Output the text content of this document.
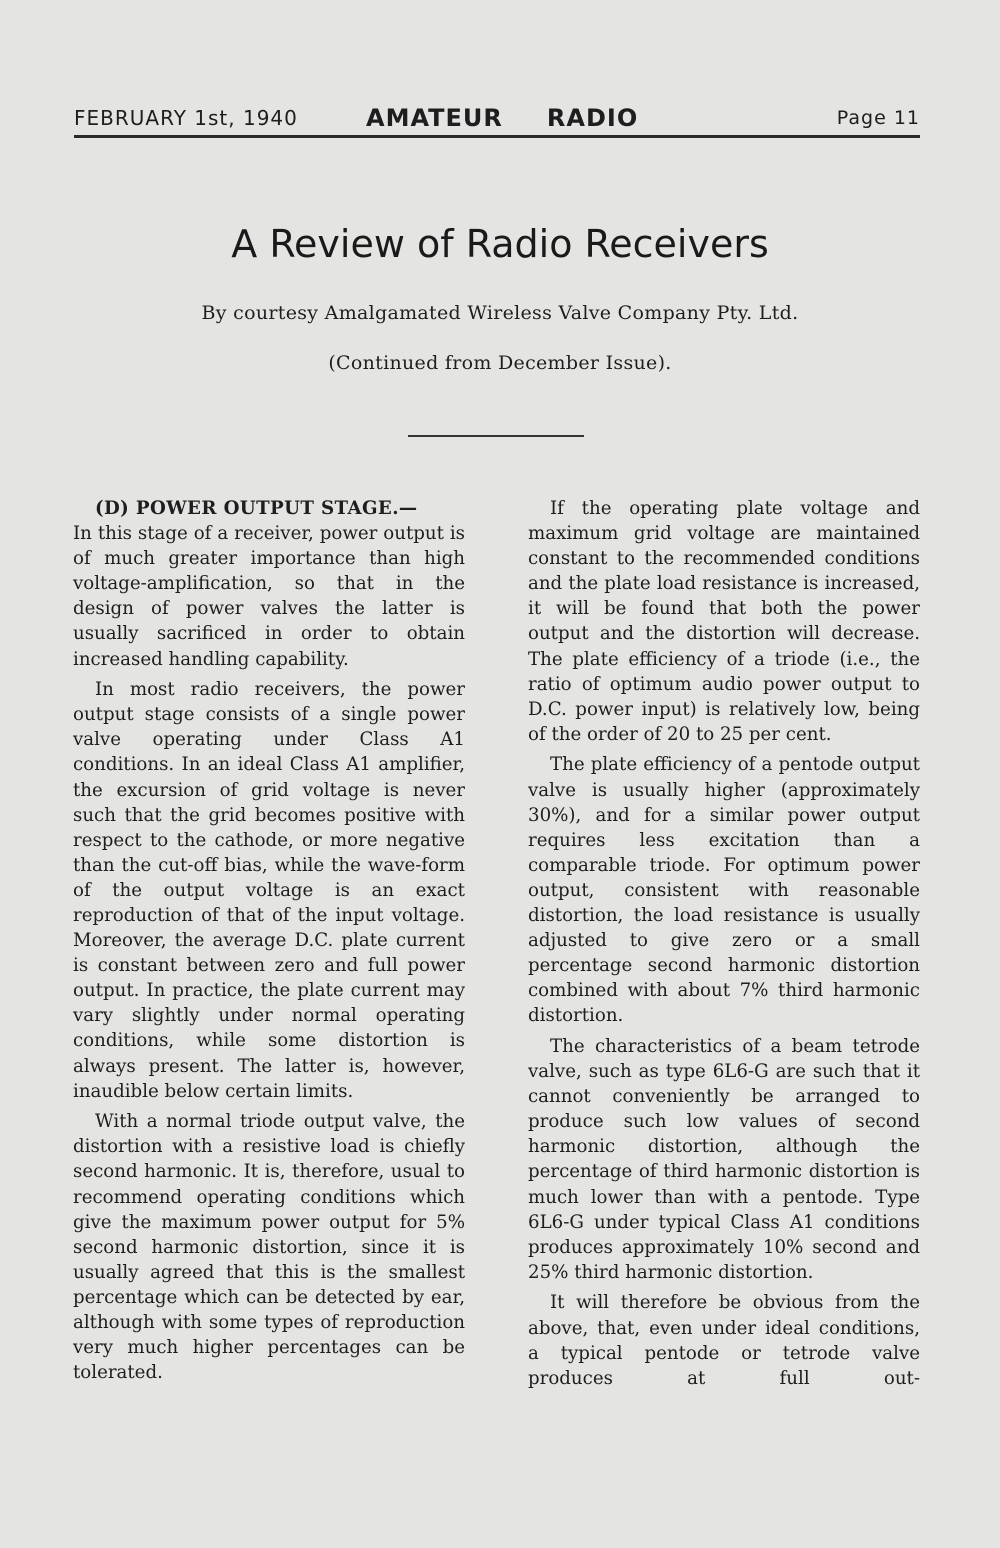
FEBRUARY 1st, 1940	AMATEUR RADIO	Page 11
A Review of Radio Receivers
By courtesy Amalgamated Wireless Valve Company Pty. Ltd.
(Continued from December Issue).

(D) POWER OUTPUT STAGE.—

In this stage of a receiver, power output is of much greater importance than high voltage-amplification, so that in the design of power valves the latter is usually sacrificed in order to obtain increased handling capability.

In most radio receivers, the power output stage consists of a single power valve operating under Class A1 conditions. In an ideal Class A1 amplifier, the excursion of grid voltage is never such that the grid becomes positive with respect to the cathode, or more negative than the cut-off bias, while the wave-form of the output voltage is an exact reproduction of that of the input voltage. Moreover, the average D.C. plate current is constant between zero and full power output. In practice, the plate current may vary slightly under normal operating conditions, while some distortion is always present. The latter is, however, inaudible below certain limits.

With a normal triode output valve, the distortion with a resistive load is chiefly second harmonic. It is, therefore, usual to recommend operating conditions which give the maximum power output for 5% second harmonic distortion, since it is usually agreed that this is the smallest percentage which can be detected by ear, although with some types of reproduction very much higher percentages can be tolerated.

If the operating plate voltage and maximum grid voltage are maintained constant to the recommended conditions and the plate load resistance is increased, it will be found that both the power output and the distortion will decrease. The plate efficiency of a triode (i.e., the ratio of optimum audio power output to D.C. power input) is relatively low, being of the order of 20 to 25 per cent.

The plate efficiency of a pentode output valve is usually higher (approximately 30%), and for a similar power output requires less excitation than a comparable triode. For optimum power output, consistent with reasonable distortion, the load resistance is usually adjusted to give zero or a small percentage second harmonic distortion combined with about 7% third harmonic distortion.

The characteristics of a beam tetrode valve, such as type 6L6-G are such that it cannot conveniently be arranged to produce such low values of second harmonic distortion, although the percentage of third harmonic distortion is much lower than with a pentode. Type 6L6-G under typical Class A1 conditions produces approximately 10% second and 25% third harmonic distortion.

It will therefore be obvious from the above, that, even under ideal conditions, a typical pentode or tetrode valve produces at full out-
